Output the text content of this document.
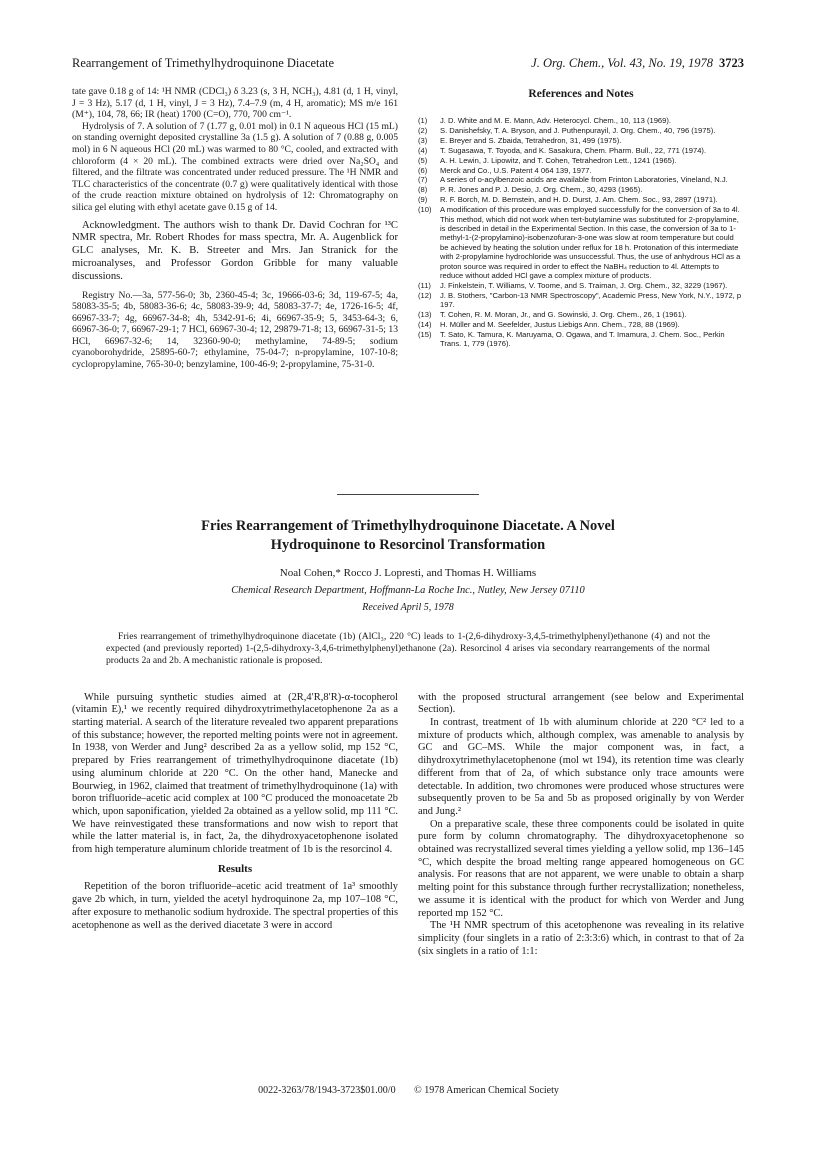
Rearrangement of Trimethylhydroquinone Diacetate	J. Org. Chem., Vol. 43, No. 19, 1978 3723

tate gave 0.18 g of 14: ¹H NMR (CDCl₃) δ 3.23 (s, 3 H, NCH₃), 4.81 (d, 1 H, vinyl, J = 3 Hz), 5.17 (d, 1 H, vinyl, J = 3 Hz), 7.4–7.9 (m, 4 H, aromatic); MS m/e 161 (M⁺), 104, 78, 66; IR (heat) 1700 (C=O), 770, 700 cm⁻¹.

Hydrolysis of 7. A solution of 7 (1.77 g, 0.01 mol) in 0.1 N aqueous HCl (15 mL) on standing overnight deposited crystalline 3a (1.5 g). A solution of 7 (0.88 g, 0.005 mol) in 6 N aqueous HCl (20 mL) was warmed to 80 °C, cooled, and extracted with chloroform (4 × 20 mL). The combined extracts were dried over Na₂SO₄ and filtered, and the filtrate was concentrated under reduced pressure. The ¹H NMR and TLC characteristics of the concentrate (0.7 g) were qualitatively identical with those of the crude reaction mixture obtained on hydrolysis of 12: Chromatography on silica gel eluting with ethyl acetate gave 0.15 g of 14.

Acknowledgment. The authors wish to thank Dr. David Cochran for ¹³C NMR spectra, Mr. Robert Rhodes for mass spectra, Mr. A. Augenblick for GLC analyses, Mr. K. B. Streeter and Mrs. Jan Stranick for the microanalyses, and Professor Gordon Gribble for many valuable discussions.

Registry No.—3a, 577-56-0; 3b, 2360-45-4; 3c, 19666-03-6; 3d, 119-67-5; 4a, 58083-35-5; 4b, 58083-36-6; 4c, 58083-39-9; 4d, 58083-37-7; 4e, 1726-16-5; 4f, 66967-33-7; 4g, 66967-34-8; 4h, 5342-91-6; 4i, 66967-35-9; 5, 3453-64-3; 6, 66967-36-0; 7, 66967-29-1; 7 HCl, 66967-30-4; 12, 29879-71-8; 13, 66967-31-5; 13 HCl, 66967-32-6; 14, 32360-90-0; methylamine, 74-89-5; sodium cyanoborohydride, 25895-60-7; ethylamine, 75-04-7; n-propylamine, 107-10-8; cyclopropylamine, 765-30-0; benzylamine, 100-46-9; 2-propylamine, 75-31-0.

References and Notes
(1) J. D. White and M. E. Mann, Adv. Heterocycl. Chem., 10, 113 (1969).
(2) S. Danishefsky, T. A. Bryson, and J. Puthenpurayil, J. Org. Chem., 40, 796 (1975).
(3) E. Breyer and S. Zbaida, Tetrahedron, 31, 499 (1975).
(4) T. Sugasawa, T. Toyoda, and K. Sasakura, Chem. Pharm. Bull., 22, 771 (1974).
(5) A. H. Lewin, J. Lipowitz, and T. Cohen, Tetrahedron Lett., 1241 (1965).
(6) Merck and Co., U.S. Patent 4 064 139, 1977.
(7) A series of o-acylbenzoic acids are available from Frinton Laboratories, Vineland, N.J.
(8) P. R. Jones and P. J. Desio, J. Org. Chem., 30, 4293 (1965).
(9) R. F. Borch, M. D. Bernstein, and H. D. Durst, J. Am. Chem. Soc., 93, 2897 (1971).
(10) A modification of this procedure was employed successfully for the conversion of 3a to 4l. This method, which did not work when tert-butylamine was substituted for 2-propylamine, is described in detail in the Experimental Section. In this case, the conversion of 3a to 1-methyl-1-(2-propylamino)-isobenzofuran-3-one was slow at room temperature but could be achieved by heating the solution under reflux for 18 h. Protonation of this intermediate with 2-propylamine hydrochloride was unsuccessful. Thus, the use of anhydrous HCl as a proton source was required in order to effect the NaBH₄ reduction to 4l. Attempts to reduce without added HCl gave a complex mixture of products.
(11) J. Finkelstein, T. Williams, V. Toome, and S. Traiman, J. Org. Chem., 32, 3229 (1967).
(12) J. B. Stothers, "Carbon-13 NMR Spectroscopy", Academic Press, New York, N.Y., 1972, p 197.
(13) T. Cohen, R. M. Moran, Jr., and G. Sowinski, J. Org. Chem., 26, 1 (1961).
(14) H. Müller and M. Seefelder, Justus Liebigs Ann. Chem., 728, 88 (1969).
(15) T. Sato, K. Tamura, K. Maruyama, O. Ogawa, and T. Imamura, J. Chem. Soc., Perkin Trans. 1, 779 (1976).
Fries Rearrangement of Trimethylhydroquinone Diacetate. A Novel
Hydroquinone to Resorcinol Transformation
Noal Cohen,* Rocco J. Lopresti, and Thomas H. Williams
Chemical Research Department, Hoffmann-La Roche Inc., Nutley, New Jersey 07110
Received April 5, 1978
Fries rearrangement of trimethylhydroquinone diacetate (1b) (AlCl₃, 220 °C) leads to 1-(2,6-dihydroxy-3,4,5-trimethylphenyl)ethanone (4) and not the expected (and previously reported) 1-(2,5-dihydroxy-3,4,6-trimethylphenyl)ethanone (2a). Resorcinol 4 arises via secondary rearrangements of the normal products 2a and 2b. A mechanistic rationale is proposed.

While pursuing synthetic studies aimed at (2R,4′R,8′R)-α-tocopherol (vitamin E),¹ we recently required dihydroxytrimethylacetophenone 2a as a starting material. A search of the literature revealed two apparent preparations of this substance; however, the reported melting points were not in agreement. In 1938, von Werder and Jung² described 2a as a yellow solid, mp 152 °C, prepared by Fries rearrangement of trimethylhydroquinone diacetate (1b) using aluminum chloride at 220 °C. On the other hand, Manecke and Bourwieg, in 1962, claimed that treatment of trimethylhydroquinone (1a) with boron trifluoride–acetic acid complex at 100 °C produced the monoacetate 2b which, upon saponification, yielded 2a obtained as a yellow solid, mp 111 °C. We have reinvestigated these transformations and now wish to report that while the latter material is, in fact, 2a, the dihydroxyacetophenone isolated from high temperature aluminum chloride treatment of 1b is the resorcinol 4.

Results

Repetition of the boron trifluoride–acetic acid treatment of 1a³ smoothly gave 2b which, in turn, yielded the acetyl hydroquinone 2a, mp 107–108 °C, after exposure to methanolic sodium hydroxide. The spectral properties of this acetophenone as well as the derived diacetate 3 were in accord

with the proposed structural arrangement (see below and Experimental Section).

In contrast, treatment of 1b with aluminum chloride at 220 °C² led to a mixture of products which, although complex, was amenable to analysis by GC and GC–MS. While the major component was, in fact, a dihydroxytrimethylacetophenone (mol wt 194), its retention time was clearly different from that of 2a, of which substance only trace amounts were detectable. In addition, two chromones were produced whose structures were subsequently proven to be 5a and 5b as proposed originally by von Werder and Jung.²

On a preparative scale, these three components could be isolated in quite pure form by column chromatography. The dihydroxyacetophenone so obtained was recrystallized several times yielding a yellow solid, mp 136–145 °C, which despite the broad melting range appeared homogeneous on GC analysis. For reasons that are not apparent, we were unable to obtain a sharp melting point for this substance through further recrystallization; nonetheless, we assume it is identical with the product for which von Werder and Jung reported mp 152 °C.

The ¹H NMR spectrum of this acetophenone was revealing in its relative simplicity (four singlets in a ratio of 2:3:3:6) which, in contrast to that of 2a (six singlets in a ratio of 1:1:

0022-3263/78/1943-3723$01.00/0 © 1978 American Chemical Society
